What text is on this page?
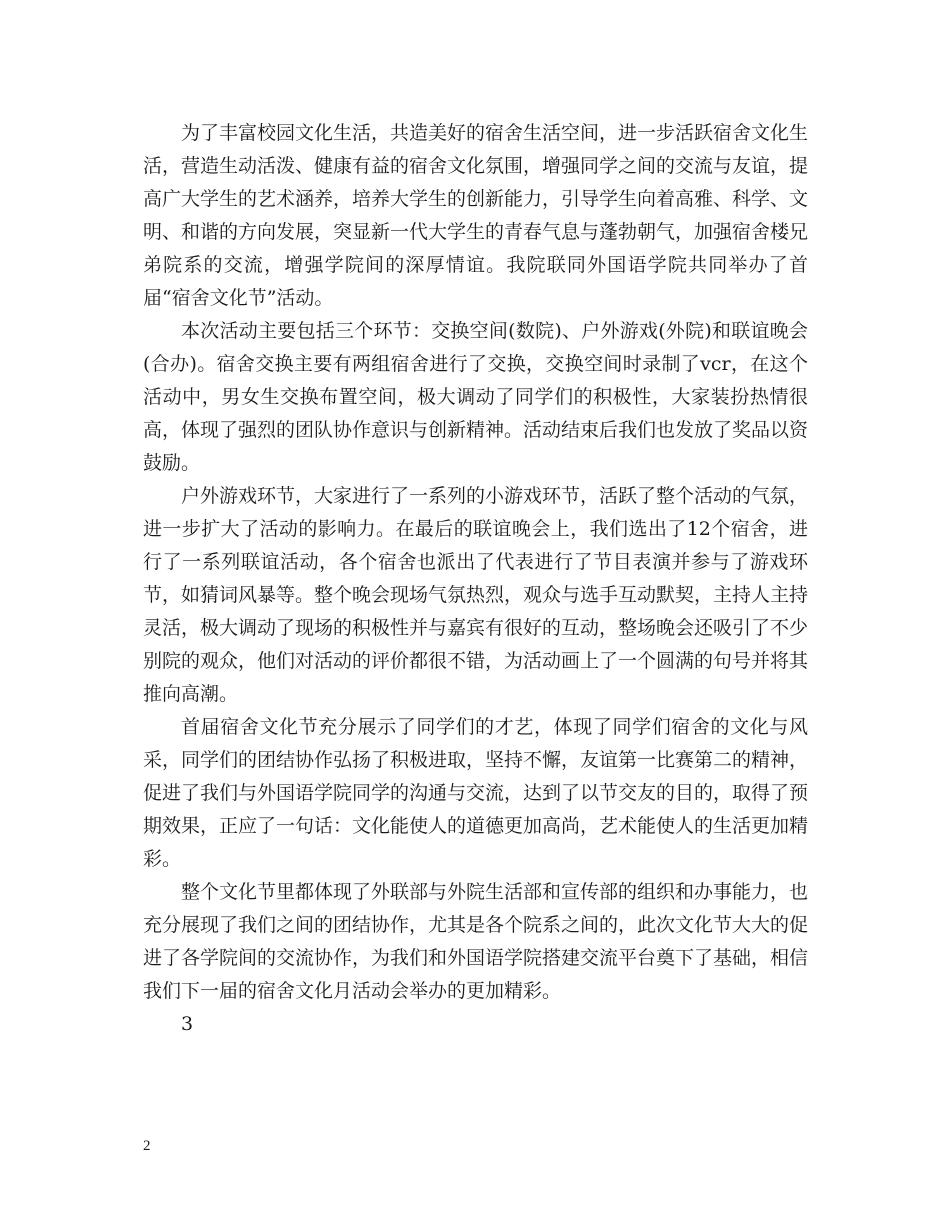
为了丰富校园文化生活，共造美好的宿舍生活空间，进一步活跃宿舍文化生活，营造生动活泼、健康有益的宿舍文化氛围，增强同学之间的交流与友谊，提高广大学生的艺术涵养，培养大学生的创新能力，引导学生向着高雅、科学、文明、和谐的方向发展，突显新一代大学生的青春气息与蓬勃朝气，加强宿舍楼兄弟院系的交流，增强学院间的深厚情谊。我院联同外国语学院共同举办了首届“宿舍文化节”活动。

本次活动主要包括三个环节：交换空间(数院)、户外游戏(外院)和联谊晚会(合办)。宿舍交换主要有两组宿舍进行了交换，交换空间时录制了vcr，在这个活动中，男女生交换布置空间，极大调动了同学们的积极性，大家装扮热情很高，体现了强烈的团队协作意识与创新精神。活动结束后我们也发放了奖品以资鼓励。

户外游戏环节，大家进行了一系列的小游戏环节，活跃了整个活动的气氛，进一步扩大了活动的影响力。在最后的联谊晚会上，我们选出了12个宿舍，进行了一系列联谊活动，各个宿舍也派出了代表进行了节目表演并参与了游戏环节，如猜词风暴等。整个晚会现场气氛热烈，观众与选手互动默契，主持人主持灵活，极大调动了现场的积极性并与嘉宾有很好的互动，整场晚会还吸引了不少别院的观众，他们对活动的评价都很不错，为活动画上了一个圆满的句号并将其推向高潮。

首届宿舍文化节充分展示了同学们的才艺，体现了同学们宿舍的文化与风采，同学们的团结协作弘扬了积极进取，坚持不懈，友谊第一比赛第二的精神，促进了我们与外国语学院同学的沟通与交流，达到了以节交友的目的，取得了预期效果，正应了一句话：文化能使人的道德更加高尚，艺术能使人的生活更加精彩。

整个文化节里都体现了外联部与外院生活部和宣传部的组织和办事能力，也充分展现了我们之间的团结协作，尤其是各个院系之间的，此次文化节大大的促进了各学院间的交流协作，为我们和外国语学院搭建交流平台奠下了基础，相信我们下一届的宿舍文化月活动会举办的更加精彩。

3

2
